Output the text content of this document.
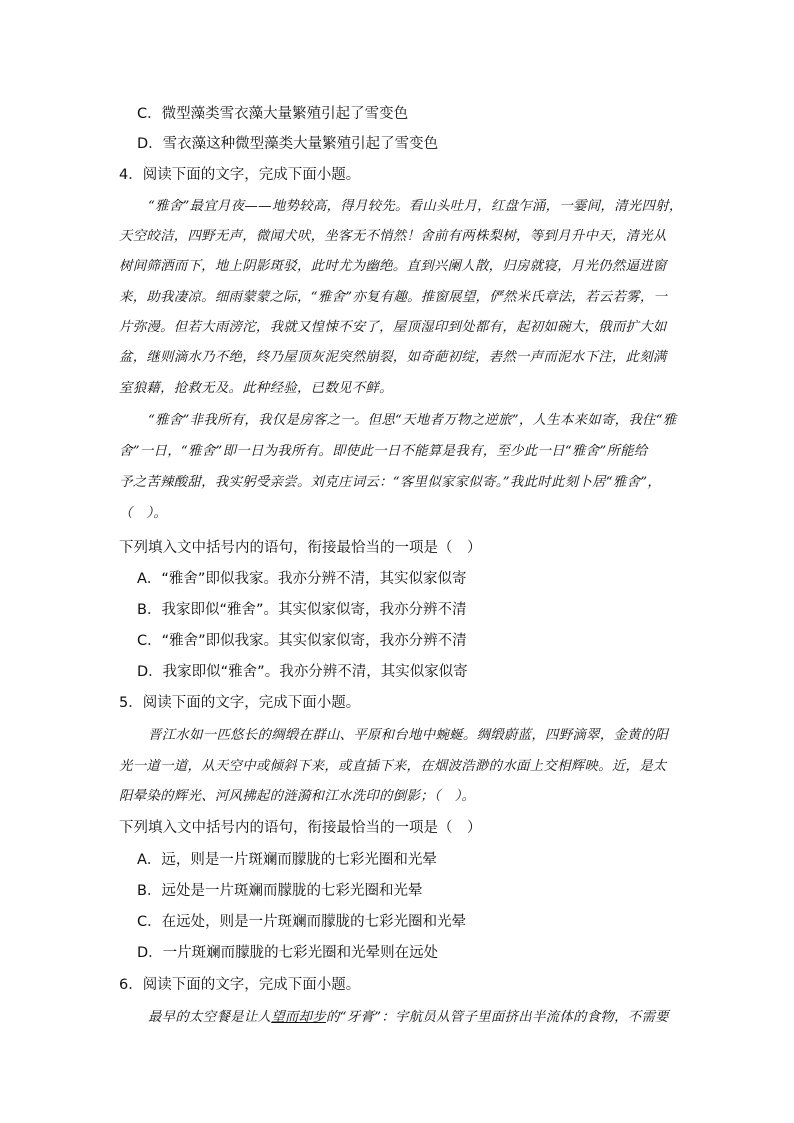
C．微型藻类雪衣藻大量繁殖引起了雪变色
D．雪衣藻这种微型藻类大量繁殖引起了雪变色
4．阅读下面的文字，完成下面小题。
“雅舍”最宜月夜——地势较高，得月较先。看山头吐月，红盘乍涌，一霎间，清光四射，
天空皎洁，四野无声，微闻犬吠，坐客无不悄然！舍前有两株梨树，等到月升中天，清光从
树间筛洒而下，地上阴影斑驳，此时尤为幽绝。直到兴阑人散，归房就寝，月光仍然逼进窗
来，助我凄凉。细雨蒙蒙之际，“雅舍”亦复有趣。推窗展望，俨然米氏章法，若云若雾，一
片弥漫。但若大雨滂沱，我就又惶悚不安了，屋顶湿印到处都有，起初如碗大，俄而扩大如
盆，继则滴水乃不绝，终乃屋顶灰泥突然崩裂，如奇葩初绽，砉然一声而泥水下注，此刻满
室狼藉，抢救无及。此种经验，已数见不鲜。
“雅舍”非我所有，我仅是房客之一。但思“天地者万物之逆旅”，人生本来如寄，我住“雅
舍”一日，“雅舍”即一日为我所有。即使此一日不能算是我有，至少此一日“雅舍”所能给
予之苦辣酸甜，我实躬受亲尝。刘克庄词云：“客里似家家似寄。”我此时此刻卜居“雅舍”，
（　）。
下列填入文中括号内的语句，衔接最恰当的一项是（　）
A．“雅舍”即似我家。我亦分辨不清，其实似家似寄
B．我家即似“雅舍”。其实似家似寄，我亦分辨不清
C．“雅舍”即似我家。其实似家似寄，我亦分辨不清
D．我家即似“雅舍”。我亦分辨不清，其实似家似寄
5．阅读下面的文字，完成下面小题。
晋江水如一匹悠长的绸缎在群山、平原和台地中蜿蜒。绸缎蔚蓝，四野滴翠，金黄的阳
光一道一道，从天空中或倾斜下来，或直插下来，在烟波浩渺的水面上交相辉映。近，是太
阳晕染的辉光、河风拂起的涟漪和江水洗印的倒影；（　）。
下列填入文中括号内的语句，衔接最恰当的一项是（　）
A．远，则是一片斑斓而朦胧的七彩光圈和光晕
B．远处是一片斑斓而朦胧的七彩光圈和光晕
C．在远处，则是一片斑斓而朦胧的七彩光圈和光晕
D．一片斑斓而朦胧的七彩光圈和光晕则在远处
6．阅读下面的文字，完成下面小题。
最早的太空餐是让人望而却步的“牙膏”：宇航员从管子里面挤出半流体的食物，不需要
